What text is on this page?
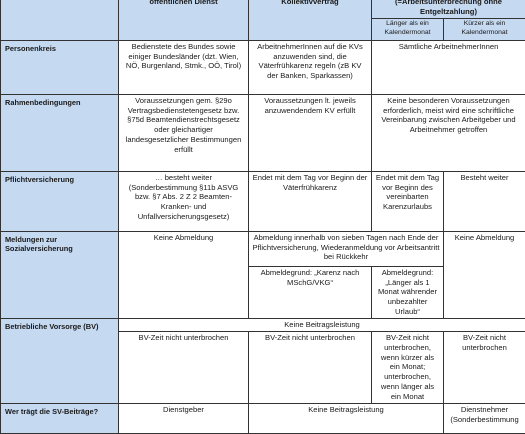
	öffentlichen Dienst	Kollektivvertrag	(=Arbeitsunterbrechung ohne Entgeltzahlung)	
			Länger als ein Kalendermonat	Kürzer als ein Kalendermonat
Personenkreis	Bedienstete des Bundes sowie einiger Bundesländer (dzt. Wien, NÖ, Burgenland, Stmk., OÖ, Tirol)	ArbeitnehmerInnen auf die KVs anzuwenden sind, die Väterfrühkarenz regeln (zB KV der Banken, Sparkassen)	Sämtliche ArbeitnehmerInnen	
Rahmenbedingungen	Voraussetzungen gem. §29o Vertragsbedienstetengesetz bzw. §75d Beamtendienstrechtsgesetz oder gleichartiger landesgesetzlicher Bestimmungen erfüllt	Voraussetzungen lt. jeweils anzuwendendem KV erfüllt	Keine besonderen Voraussetzungen erforderlich, meist wird eine schriftliche Vereinbarung zwischen Arbeitgeber und Arbeitnehmer getroffen	
Pflichtversicherung	… besteht weiter (Sonderbestimmung §11b ASVG bzw. §7 Abs. 2 Z 2 Beamten-Kranken- und Unfallversicherungsgesetz)	Endet mit dem Tag vor Beginn der Väterfrühkarenz	Endet mit dem Tag vor Beginn des vereinbarten Karenzurlaubs	Besteht weiter
Meldungen zur Sozialversicherung	Keine Abmeldung	Abmeldung innerhalb von sieben Tagen nach Ende der Pflichtversicherung, Wiederanmeldung vor Arbeitsantritt bei Rückkehr		Keine Abmeldung
		Abmeldegrund: „Karenz nach MSchG/VKG“	Abmeldegrund: „Länger als 1 Monat währender unbezahlter Urlaub“	
Betriebliche Vorsorge (BV)	Keine Beitragsleistung			
	BV-Zeit nicht unterbrochen	BV-Zeit nicht unterbrochen	BV-Zeit nicht unterbrochen, wenn kürzer als ein Monat; unterbrochen, wenn länger als ein Monat	BV-Zeit nicht unterbrochen
Wer trägt die SV-Beiträge?	Dienstgeber	Keine Beitragsleistung		Dienstnehmer (Sonderbestimmung
